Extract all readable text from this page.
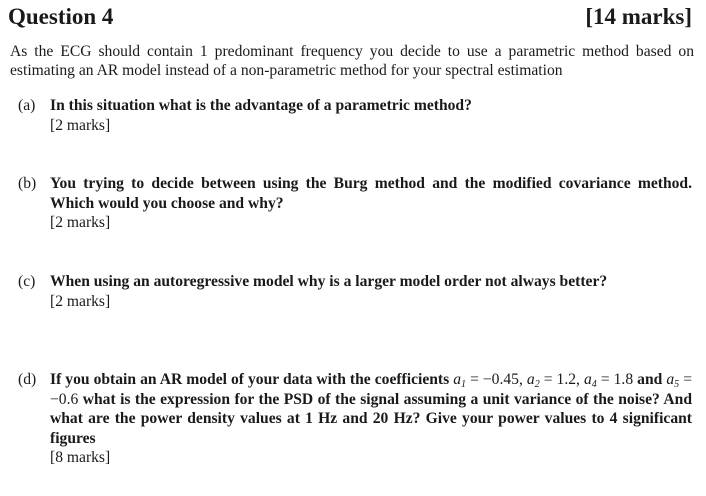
Question 4	[14 marks]
As the ECG should contain 1 predominant frequency you decide to use a parametric method based on estimating an AR model instead of a non-parametric method for your spectral estimation
(a) In this situation what is the advantage of a parametric method?
[2 marks]
(b) You trying to decide between using the Burg method and the modified covariance method. Which would you choose and why?
[2 marks]
(c) When using an autoregressive model why is a larger model order not always better?
[2 marks]
(d) If you obtain an AR model of your data with the coefficients $a_1 = -0.45$, $a_2 = 1.2$, $a_4 = 1.8$ and $a_5 = -0.6$ what is the expression for the PSD of the signal assuming a unit variance of the noise? And what are the power density values at 1 Hz and 20 Hz? Give your power values to 4 significant figures
[8 marks]
